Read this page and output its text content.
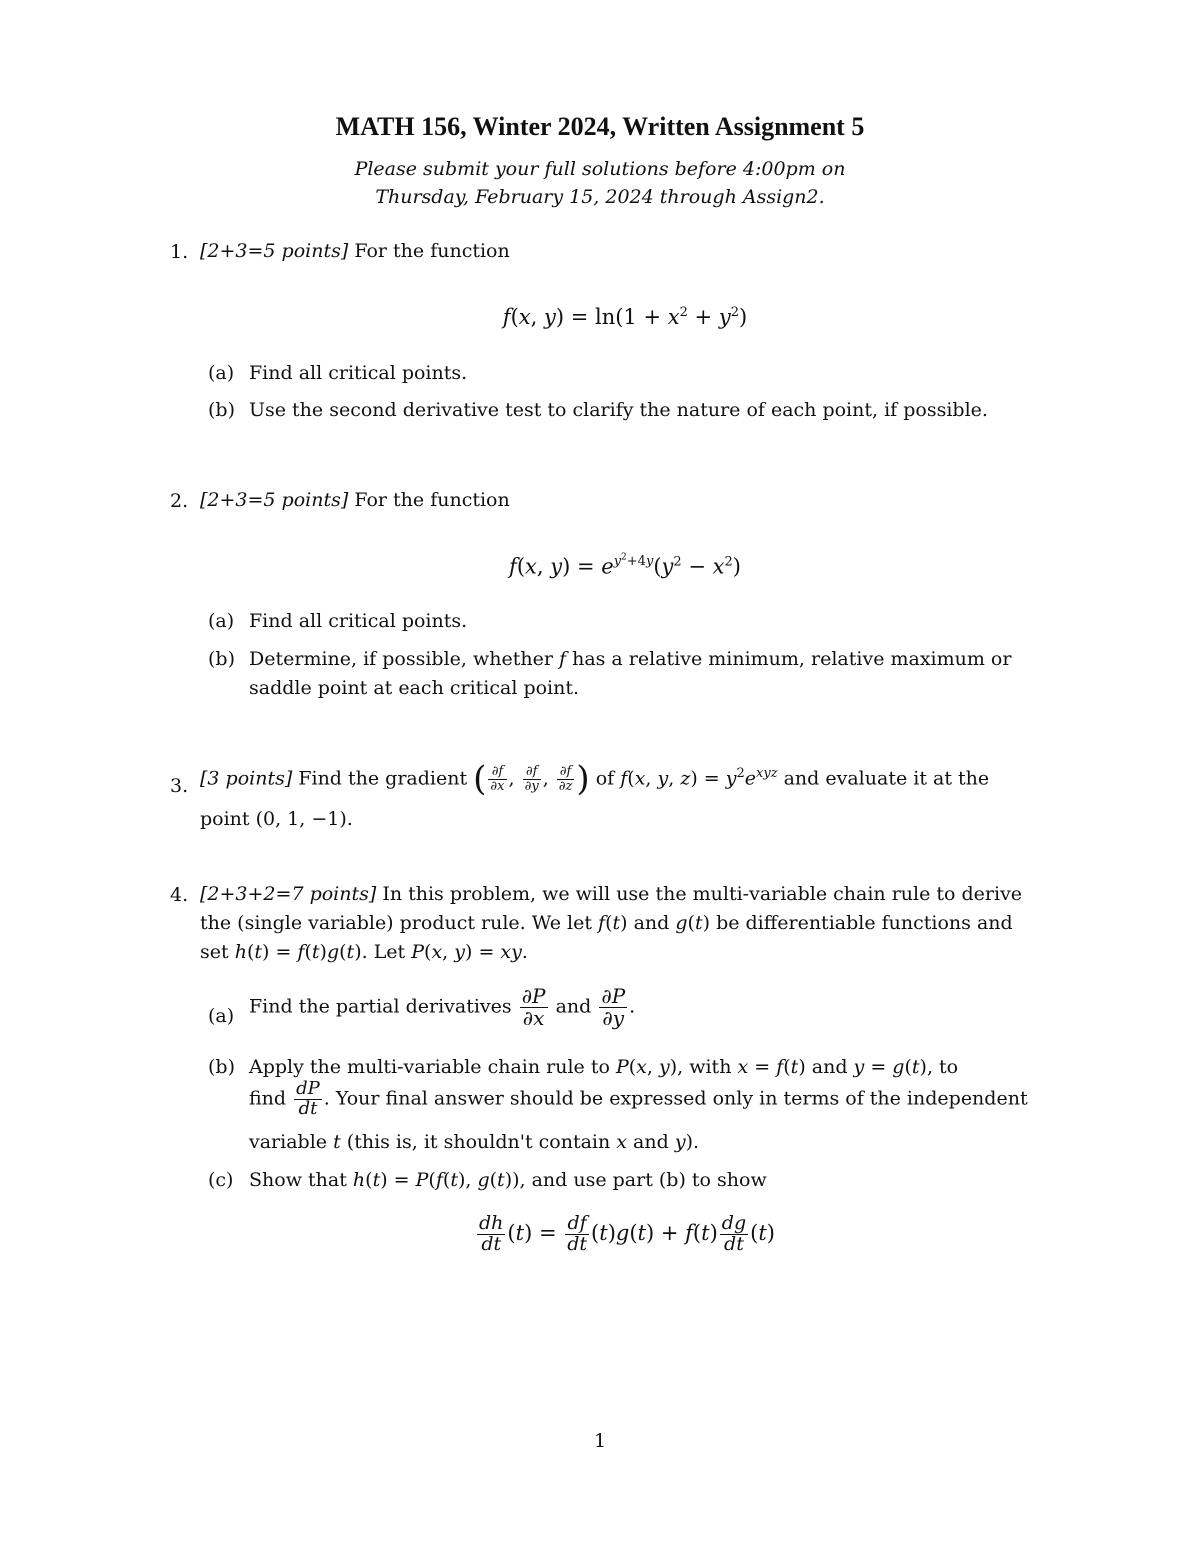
MATH 156, Winter 2024, Written Assignment 5
Please submit your full solutions before 4:00pm on
Thursday, February 15, 2024 through Assign2.
1. [2+3=5 points] For the function
f(x, $y) = \ln(1 + x^2 + y^2)$
(a) Find all critical points.
(b) Use the second derivative test to clarify the nature of each point, if possible.
2. [2+3=5 points] For the function
f(x, $y) = e^{y^2+4y}(y^2 - x^2)$
(a) Find all critical points.
(b) Determine, if possible, whether f has a relative minimum, relative maximum or saddle point at each critical point.
3. [3 points] Find the gradient ( $\frac{\partial f}{\partial x}$ , $\frac{\partial f}{\partial y}$ , $\frac{\partial f}{\partial z}$ ) of f(x, y, $z) = y^2e^{xyz}$ and evaluate it at the
point (0, 1, −1).
4. [2+3+2=7 points] In this problem, we will use the multi-variable chain rule to derive
the (single variable) product rule. We let f(t) and g(t) be differentiable functions and
set h(t) = f(t)g(t). Let P(x, y) = xy.
(a) Find the partial derivatives $\frac{\partial P}{\partial x}$ and $\frac{\partial P}{\partial y}$ .
(b) Apply the multi-variable chain rule to P(x, y), with x = f(t) and y = g(t), to
find $\frac{dP}{dt}$ . Your final answer should be expressed only in terms of the independent
variable t (this is, it shouldn't contain x and y).
(c) Show that h(t) = P(f(t), g(t)), and use part (b) to show
$\frac{dh}{dt} (t) = \frac{df}{dt} (t)g(t) + f(t) \frac{dg}{dt} (t)$
1
